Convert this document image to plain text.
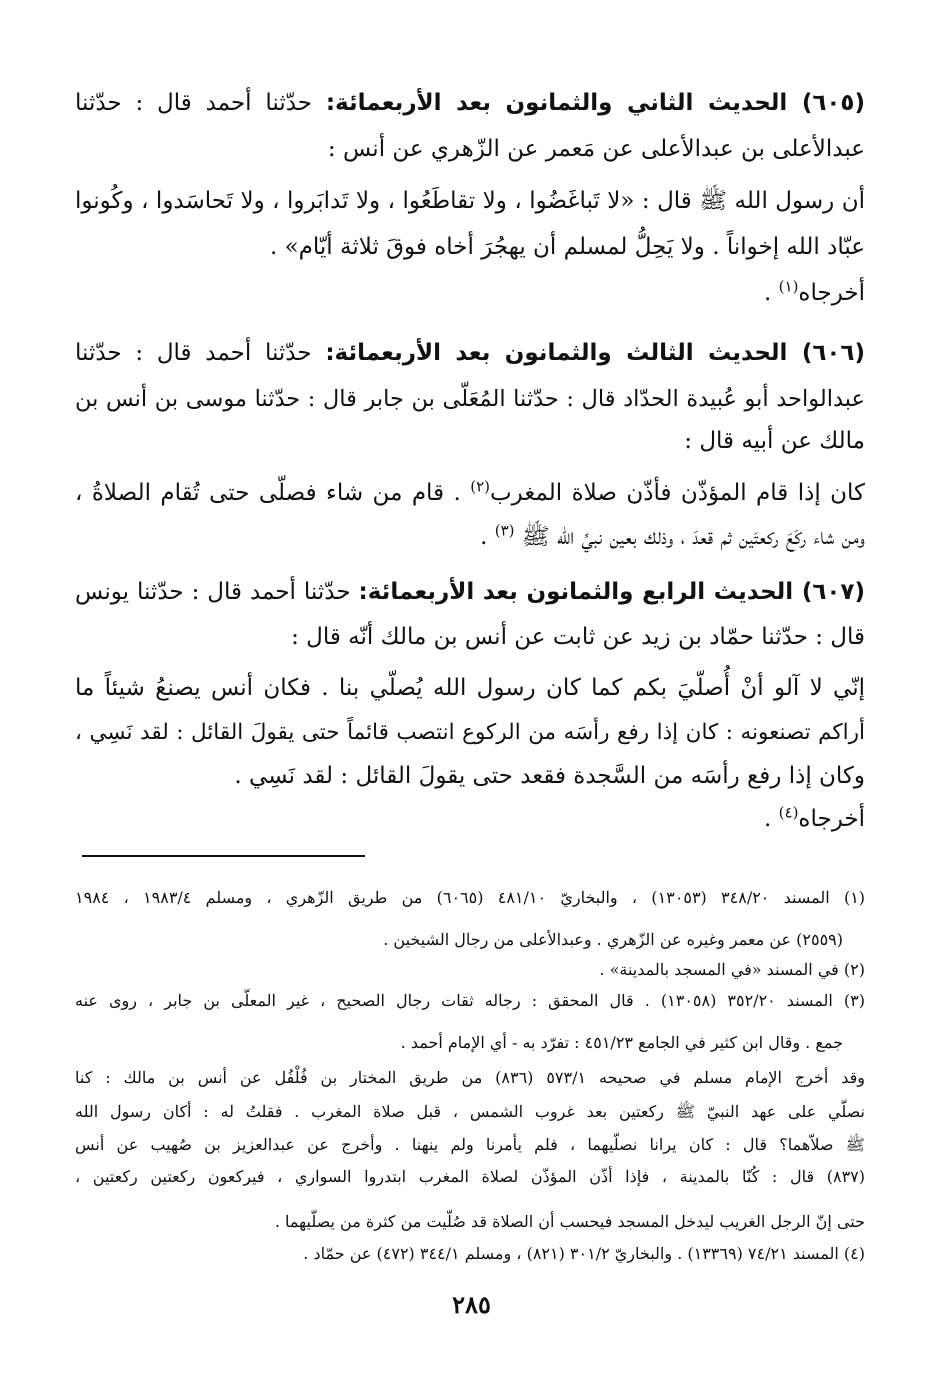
(٦٠٥) الحديث الثاني والثمانون بعد الأربعمائة: حدّثنا أحمد قال : حدّثنا
عبدالأعلى بن عبدالأعلى عن مَعمر عن الزّهري عن أنس :
أن رسول الله ﷺ قال : «لا تَباغَضُوا ، ولا تقاطَعُوا ، ولا تَدابَروا ، ولا تَحاسَدوا ، وكُونوا
عبّاد الله إخواناً . ولا يَحِلُّ لمسلم أن يهجُرَ أخاه فوقَ ثلاثة أيّام» .
أخرجاه$^{(١)}$ .
(٦٠٦) الحديث الثالث والثمانون بعد الأربعمائة: حدّثنا أحمد قال : حدّثنا
عبدالواحد أبو عُبيدة الحدّاد قال : حدّثنا المُعَلّى بن جابر قال : حدّثنا موسى بن أنس بن
مالك عن أبيه قال :
كان إذا قام المؤذّن فأذّن صلاة المغرب$^{(٢)}$ . قام من شاء فصلّى حتى تُقام الصلاةُ ،
ومن شاء ركَعَ ركعتَين ثم قعدَ ، وذلك بعين نبيِّ الله ﷺ $^{(٣)}$ .
(٦٠٧) الحديث الرابع والثمانون بعد الأربعمائة: حدّثنا أحمد قال : حدّثنا يونس
قال : حدّثنا حمّاد بن زيد عن ثابت عن أنس بن مالك أنّه قال :
إنّي لا آلو أنْ أُصلّيَ بكم كما كان رسول الله يُصلّي بنا . فكان أنس يصنعُ شيئاً ما
أراكم تصنعونه : كان إذا رفع رأسَه من الركوع انتصب قائماً حتى يقولَ القائل : لقد نَسِي ،
وكان إذا رفع رأسَه من السَّجدة فقعد حتى يقولَ القائل : لقد نَسِي .
أخرجاه$^{(٤)}$ .
(١) المسند ٣٤٨/٢٠ (١٣٠٥٣) ، والبخاريّ ٤٨١/١٠ (٦٠٦٥) من طريق الزّهري ، ومسلم ١٩٨٣/٤ ، ١٩٨٤
(٢٥٥٩) عن معمر وغيره عن الزّهري . وعبدالأعلى من رجال الشيخين .
(٢) في المسند «في المسجد بالمدينة» .
(٣) المسند ٣٥٢/٢٠ (١٣٠٥٨) . قال المحقق : رجاله ثقات رجال الصحيح ، غير المعلّى بن جابر ، روى عنه
جمع . وقال ابن كثير في الجامع ٤٥١/٢٣ : تفرّد به - أي الإمام أحمد .
وقد أخرج الإمام مسلم في صحيحه ٥٧٣/١ (٨٣٦) من طريق المختار بن فُلْفُل عن أنس بن مالك : كنا
نصلّي على عهد النبيّ ﷺ ركعتين بعد غروب الشمس ، قبل صلاة المغرب . فقلتُ له : أكان رسول الله
ﷺ صلاّهما؟ قال : كان يرانا نصلّيهما ، فلم يأمرنا ولم ينهنا . وأخرج عن عبدالعزيز بن صُهيب عن أنس
(٨٣٧) قال : كُنّا بالمدينة ، فإذا أذّن المؤذّن لصلاة المغرب ابتدروا السواري ، فيركعون ركعتين ركعتين ،
حتى إنّ الرجل الغريب ليدخل المسجد فيحسب أن الصلاة قد صُلّيت من كثرة من يصلّيهما .
(٤) المسند ٧٤/٢١ (١٣٣٦٩) . والبخاريّ ٣٠١/٢ (٨٢١) ، ومسلم ٣٤٤/١ (٤٧٢) عن حمّاد .
٢٨٥
